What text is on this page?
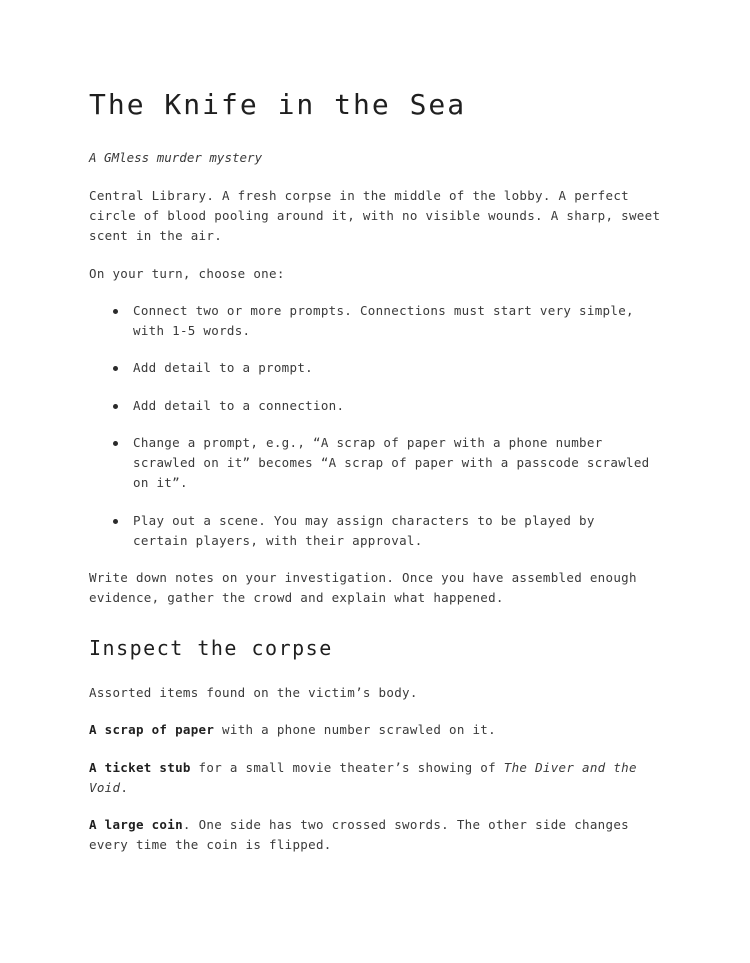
The Knife in the Sea

A GMless murder mystery

Central Library. A fresh corpse in the middle of the lobby. A perfect circle of blood pooling around it, with no visible wounds. A sharp, sweet scent in the air.

On your turn, choose one:

Connect two or more prompts. Connections must start very simple, with 1-5 words.
Add detail to a prompt.
Add detail to a connection.
Change a prompt, e.g., “A scrap of paper with a phone number scrawled on it” becomes “A scrap of paper with a passcode scrawled on it”.
Play out a scene. You may assign characters to be played by certain players, with their approval.

Write down notes on your investigation. Once you have assembled enough evidence, gather the crowd and explain what happened.

Inspect the corpse

Assorted items found on the victim’s body.

A scrap of paper with a phone number scrawled on it.

A ticket stub for a small movie theater’s showing of The Diver and the Void.

A large coin. One side has two crossed swords. The other side changes every time the coin is flipped.
